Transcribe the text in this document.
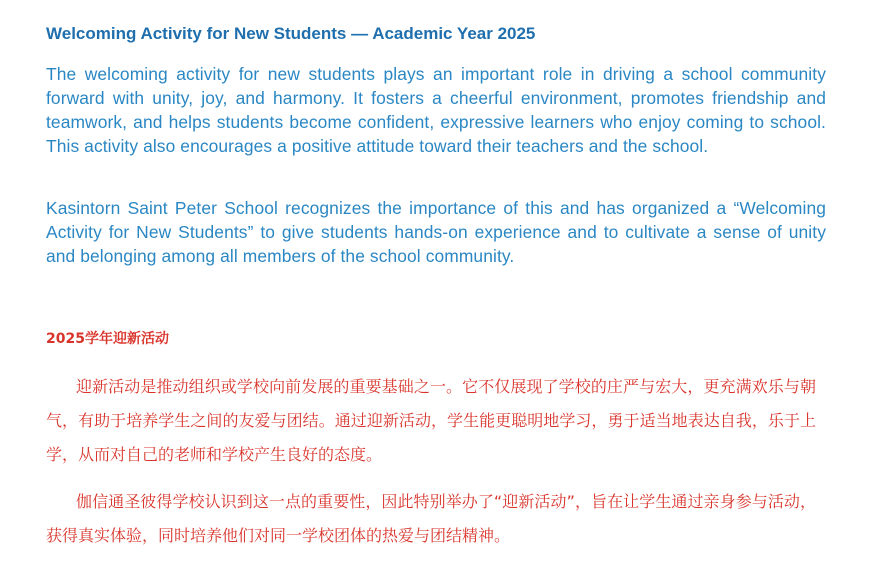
Welcoming Activity for New Students — Academic Year 2025

The welcoming activity for new students plays an important role in driving a school community forward with unity, joy, and harmony. It fosters a cheerful environment, promotes friendship and teamwork, and helps students become confident, expressive learners who enjoy coming to school. This activity also encourages a positive attitude toward their teachers and the school.

Kasintorn Saint Peter School recognizes the importance of this and has organized a “Welcoming Activity for New Students” to give students hands-on experience and to cultivate a sense of unity and belonging among all members of the school community.

2025学年迎新活动

迎新活动是推动组织或学校向前发展的重要基础之一。它不仅展现了学校的庄严与宏大，更充满欢乐与朝气，有助于培养学生之间的友爱与团结。通过迎新活动，学生能更聪明地学习，勇于适当地表达自我，乐于上学，从而对自己的老师和学校产生良好的态度。

伽信通圣彼得学校认识到这一点的重要性，因此特别举办了“迎新活动”，旨在让学生通过亲身参与活动，获得真实体验，同时培养他们对同一学校团体的热爱与团结精神。
